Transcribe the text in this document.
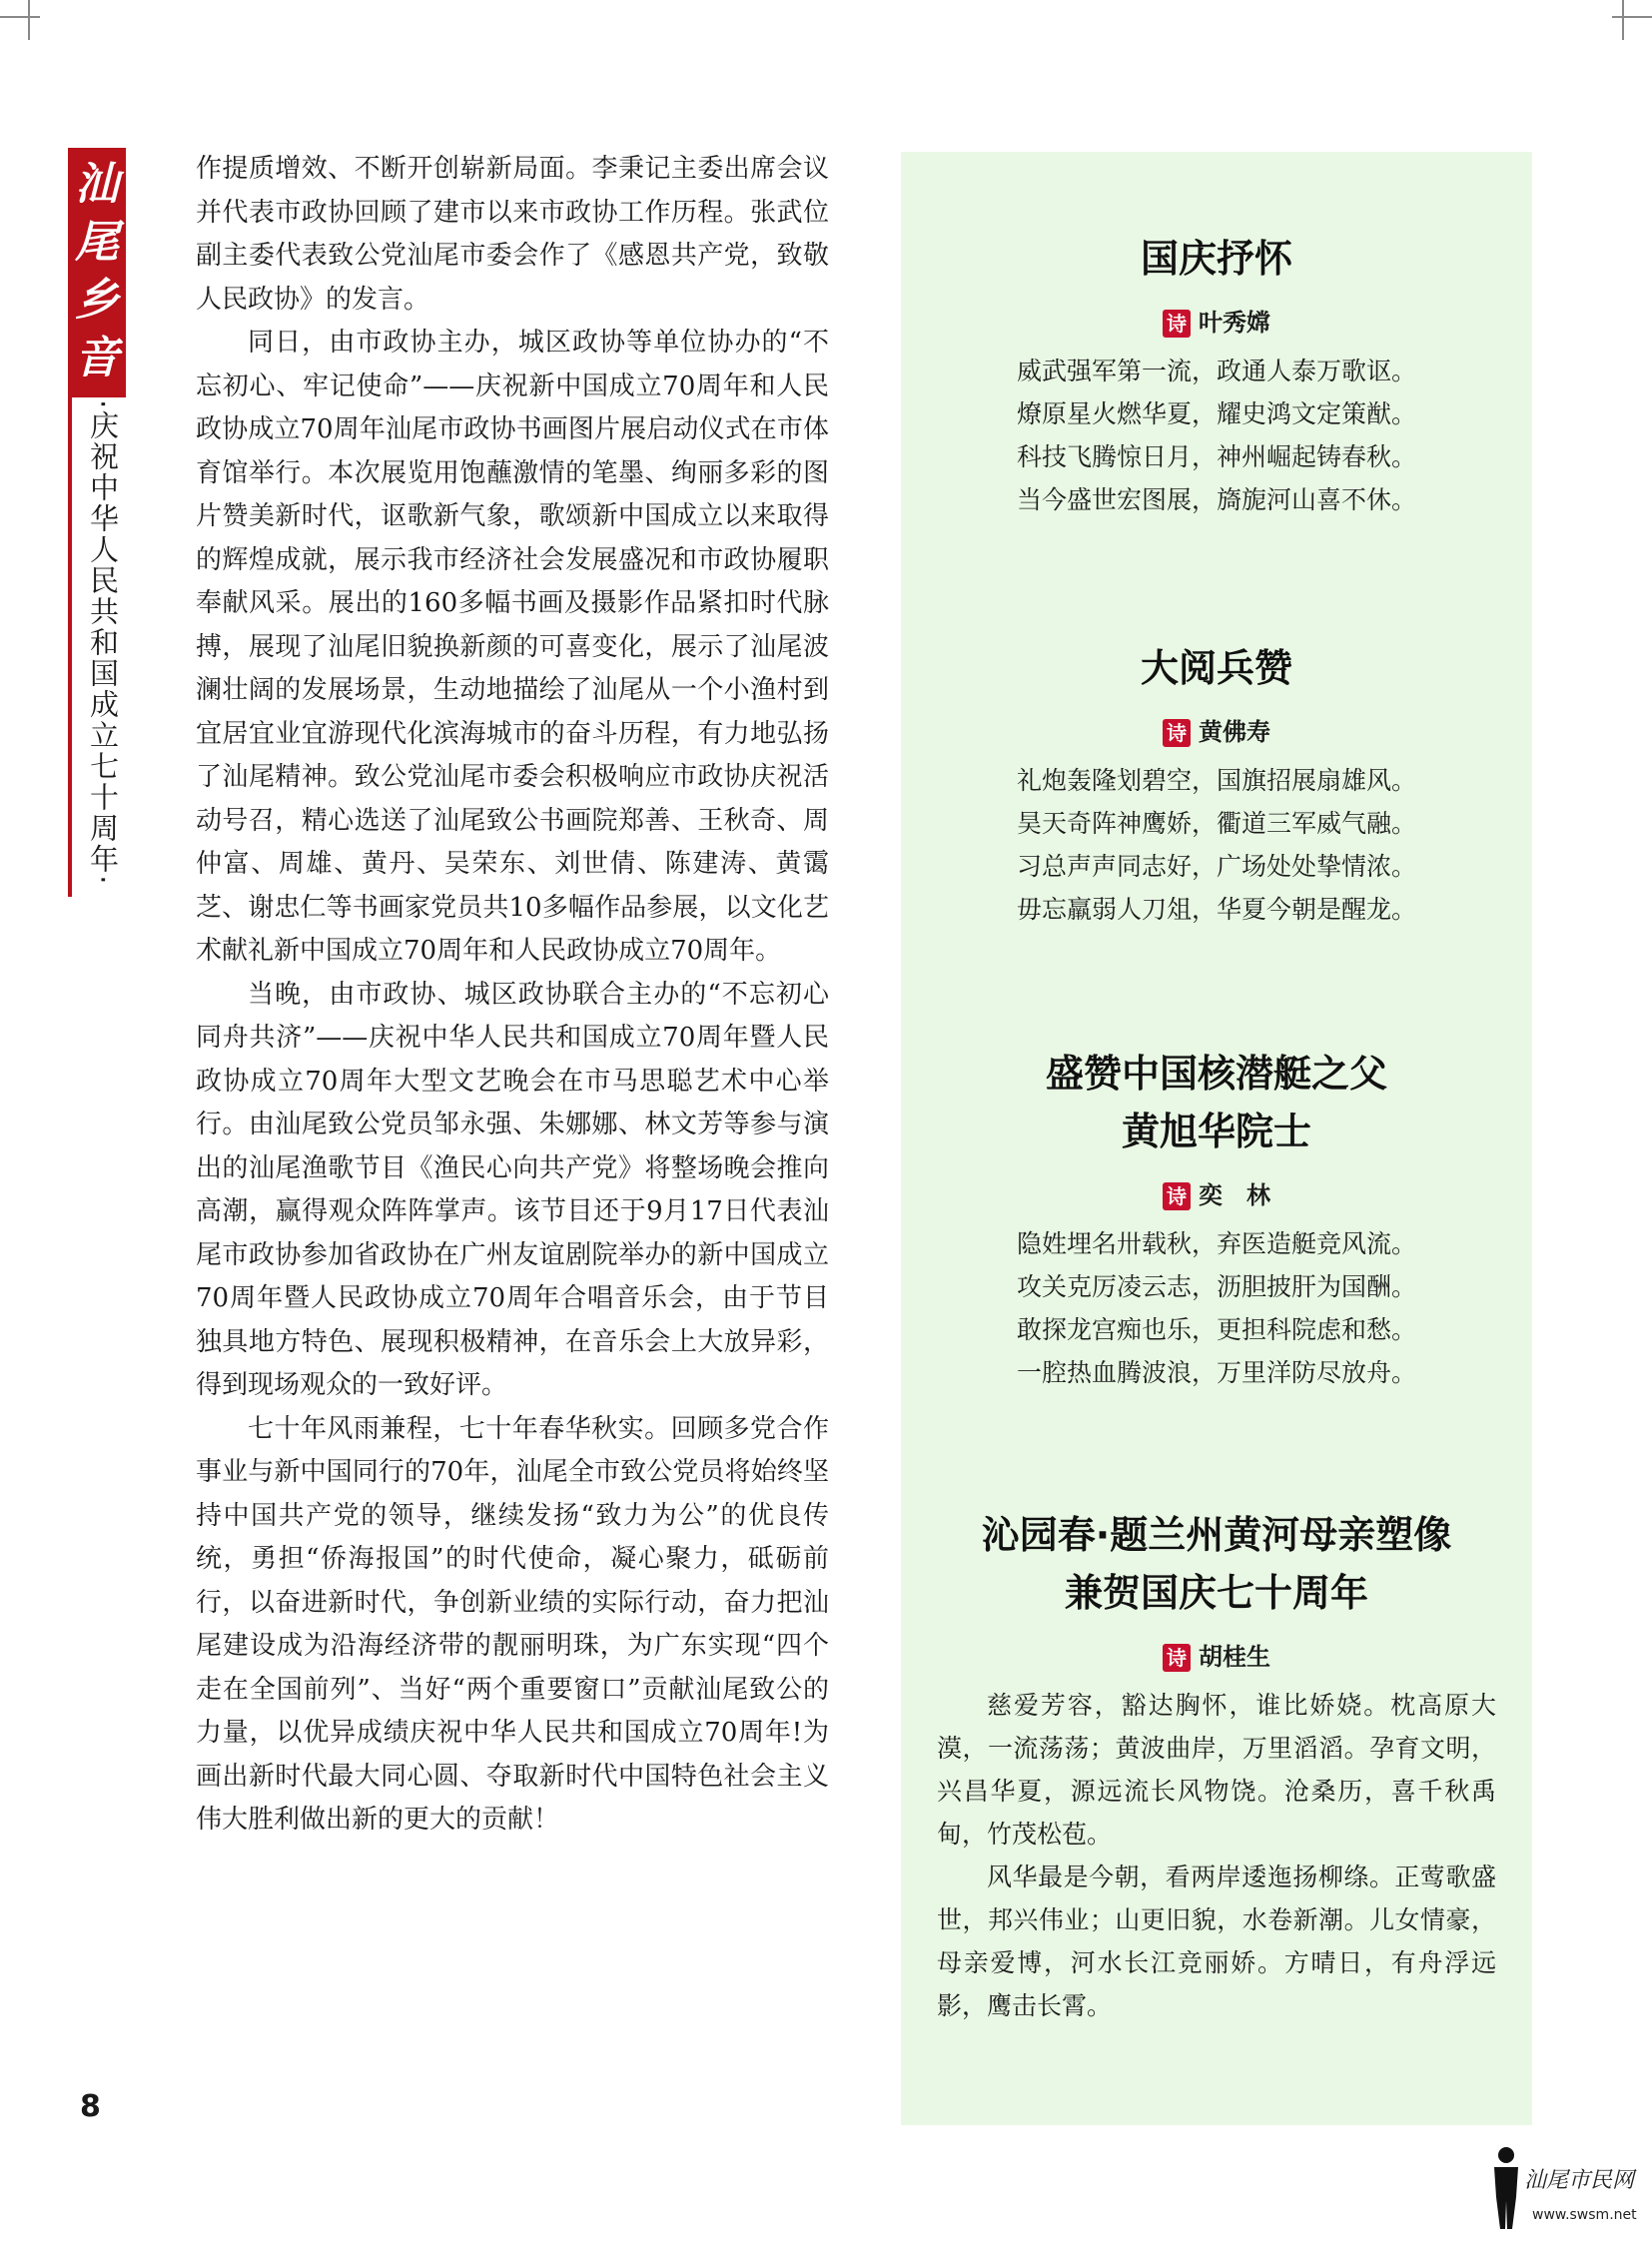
汕尾乡音
·庆祝中华人民共和国成立七十周年·

作提质增效、不断开创崭新局面。李秉记主委出席会议并代表市政协回顾了建市以来市政协工作历程。张武位副主委代表致公党汕尾市委会作了《感恩共产党，致敬人民政协》的发言。

同日，由市政协主办，城区政协等单位协办的“不忘初心、牢记使命”——庆祝新中国成立70周年和人民政协成立70周年汕尾市政协书画图片展启动仪式在市体育馆举行。本次展览用饱蘸激情的笔墨、绚丽多彩的图片赞美新时代，讴歌新气象，歌颂新中国成立以来取得的辉煌成就，展示我市经济社会发展盛况和市政协履职奉献风采。展出的160多幅书画及摄影作品紧扣时代脉搏，展现了汕尾旧貌换新颜的可喜变化，展示了汕尾波澜壮阔的发展场景，生动地描绘了汕尾从一个小渔村到宜居宜业宜游现代化滨海城市的奋斗历程，有力地弘扬了汕尾精神。致公党汕尾市委会积极响应市政协庆祝活动号召，精心选送了汕尾致公书画院郑善、王秋奇、周仲富、周雄、黄丹、吴荣东、刘世倩、陈建涛、黄霭芝、谢忠仁等书画家党员共10多幅作品参展，以文化艺术献礼新中国成立70周年和人民政协成立70周年。

当晚，由市政协、城区政协联合主办的“不忘初心 同舟共济”——庆祝中华人民共和国成立70周年暨人民政协成立70周年大型文艺晚会在市马思聪艺术中心举行。由汕尾致公党员邹永强、朱娜娜、林文芳等参与演出的汕尾渔歌节目《渔民心向共产党》将整场晚会推向高潮，赢得观众阵阵掌声。该节目还于9月17日代表汕尾市政协参加省政协在广州友谊剧院举办的新中国成立70周年暨人民政协成立70周年合唱音乐会，由于节目独具地方特色、展现积极精神，在音乐会上大放异彩，得到现场观众的一致好评。

七十年风雨兼程，七十年春华秋实。回顾多党合作事业与新中国同行的70年，汕尾全市致公党员将始终坚持中国共产党的领导，继续发扬“致力为公”的优良传统，勇担“侨海报国”的时代使命，凝心聚力，砥砺前行，以奋进新时代，争创新业绩的实际行动，奋力把汕尾建设成为沿海经济带的靓丽明珠，为广东实现“四个走在全国前列”、当好“两个重要窗口”贡献汕尾致公的力量，以优异成绩庆祝中华人民共和国成立70周年!为画出新时代最大同心圆、夺取新时代中国特色社会主义伟大胜利做出新的更大的贡献！

国庆抒怀
诗 叶秀嫦
威武强军第一流，政通人泰万歌讴。
燎原星火燃华夏，耀史鸿文定策猷。
科技飞腾惊日月，神州崛起铸春秋。
当今盛世宏图展，旖旎河山喜不休。
大阅兵赞
诗 黄佛寿
礼炮轰隆划碧空，国旗招展扇雄风。
昊天奇阵神鹰娇，衢道三军威气融。
习总声声同志好，广场处处挚情浓。
毋忘羸弱人刀俎，华夏今朝是醒龙。
盛赞中国核潜艇之父
黄旭华院士
诗 奕　林
隐姓埋名卅载秋，弃医造艇竞风流。
攻关克厉凌云志，沥胆披肝为国酬。
敢探龙宫痴也乐，更担科院虑和愁。
一腔热血腾波浪，万里洋防尽放舟。
沁园春·题兰州黄河母亲塑像
兼贺国庆七十周年
诗 胡桂生

慈爱芳容，豁达胸怀，谁比娇娆。枕高原大漠，一流荡荡；黄波曲岸，万里滔滔。孕育文明，兴昌华夏，源远流长风物饶。沧桑历，喜千秋禹甸，竹茂松苞。

风华最是今朝，看两岸逶迤扬柳绦。正莺歌盛世，邦兴伟业；山更旧貌，水卷新潮。儿女情豪，母亲爱博，河水长江竞丽娇。方晴日，有舟浮远影，鹰击长霄。

8
汕尾市民网
www.swsm.net
